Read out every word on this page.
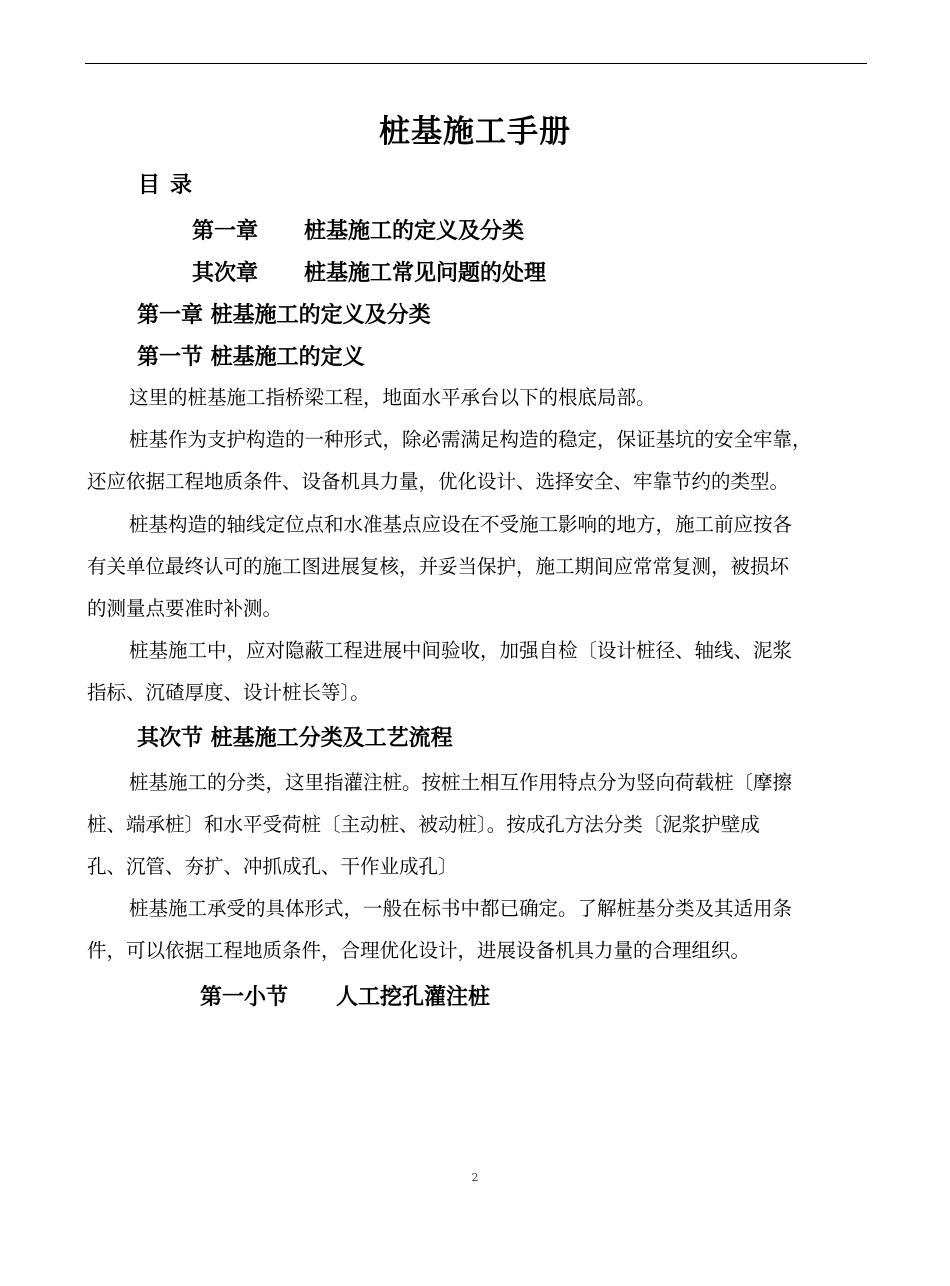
桩基施工手册
目录
第一章 桩基施工的定义及分类
其次章 桩基施工常见问题的处理
第一章 桩基施工的定义及分类
第一节 桩基施工的定义
这里的桩基施工指桥梁工程，地面水平承台以下的根底局部。
桩基作为支护构造的一种形式，除必需满足构造的稳定，保证基坑的安全牢靠，
还应依据工程地质条件、设备机具力量，优化设计、选择安全、牢靠节约的类型。
桩基构造的轴线定位点和水准基点应设在不受施工影响的地方，施工前应按各
有关单位最终认可的施工图进展复核，并妥当保护，施工期间应常常复测，被损坏
的测量点要准时补测。
桩基施工中，应对隐蔽工程进展中间验收，加强自检〔设计桩径、轴线、泥浆
指标、沉碴厚度、设计桩长等〕。
其次节 桩基施工分类及工艺流程
桩基施工的分类，这里指灌注桩。按桩土相互作用特点分为竖向荷载桩〔摩擦
桩、端承桩〕和水平受荷桩〔主动桩、被动桩〕。按成孔方法分类〔泥浆护壁成
孔、沉管、夯扩、冲抓成孔、干作业成孔〕
桩基施工承受的具体形式，一般在标书中都已确定。了解桩基分类及其适用条
件，可以依据工程地质条件，合理优化设计，进展设备机具力量的合理组织。
第一小节 人工挖孔灌注桩
2
